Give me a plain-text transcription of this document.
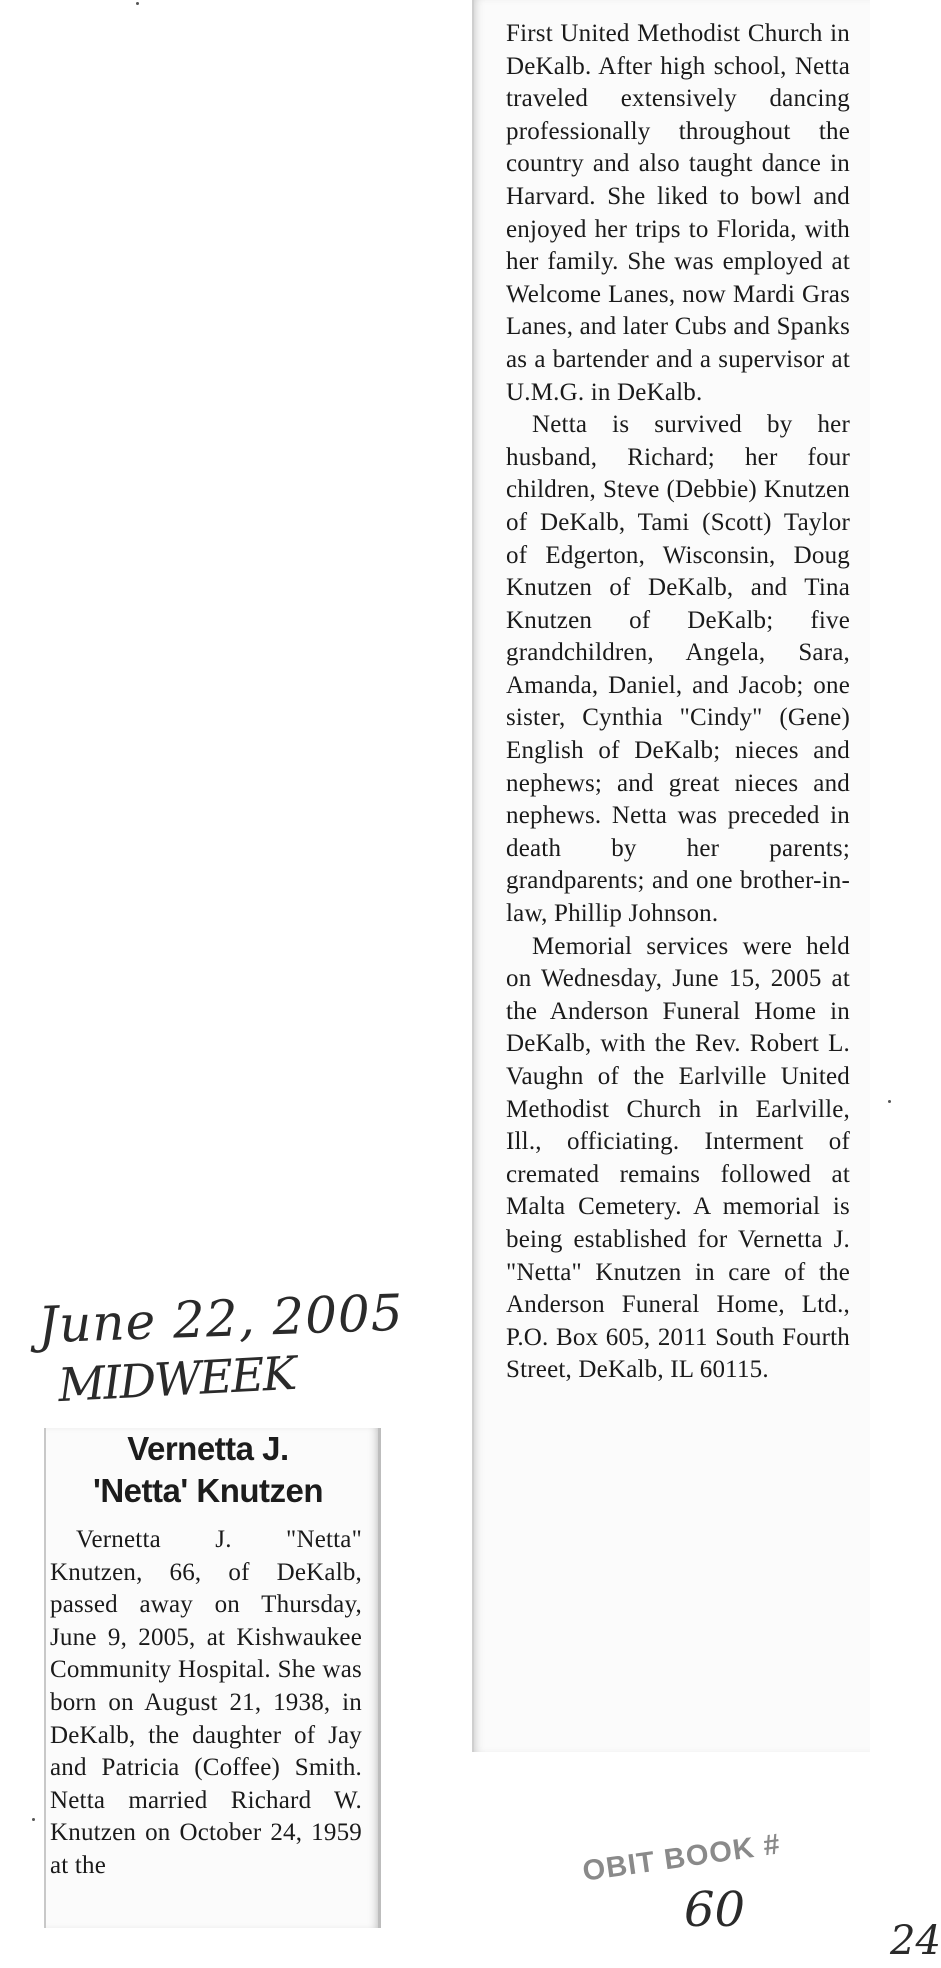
June 22, 2005
MIDWEEK
Vernetta J.
'Netta' Knutzen

Vernetta J. "Netta" Knutzen, 66, of DeKalb, passed away on Thursday, June 9, 2005, at Kishwaukee Community Hospital. She was born on August 21, 1938, in DeKalb, the daughter of Jay and Patricia (Coffee) Smith. Netta married Richard W. Knutzen on October 24, 1959 at the

First United Methodist Church in DeKalb. After high school, Netta traveled extensively dancing professionally throughout the country and also taught dance in Harvard. She liked to bowl and enjoyed her trips to Florida, with her family. She was employed at Welcome Lanes, now Mardi Gras Lanes, and later Cubs and Spanks as a bartender and a supervisor at U.M.G. in DeKalb.

Netta is survived by her husband, Richard; her four children, Steve (Debbie) Knutzen of DeKalb, Tami (Scott) Taylor of Edgerton, Wisconsin, Doug Knutzen of DeKalb, and Tina Knutzen of DeKalb; five grandchildren, Angela, Sara, Amanda, Daniel, and Jacob; one sister, Cynthia "Cindy" (Gene) English of DeKalb; nieces and nephews; and great nieces and nephews. Netta was preceded in death by her parents; grandparents; and one brother-in-law, Phillip Johnson.

Memorial services were held on Wednesday, June 15, 2005 at the Anderson Funeral Home in DeKalb, with the Rev. Robert L. Vaughn of the Earlville United Methodist Church in Earlville, Ill., officiating. Interment of cremated remains followed at Malta Cemetery. A memorial is being established for Vernetta J. "Netta" Knutzen in care of the Anderson Funeral Home, Ltd., P.O. Box 605, 2011 South Fourth Street, DeKalb, IL 60115.

OBIT BOOK #
60
24
